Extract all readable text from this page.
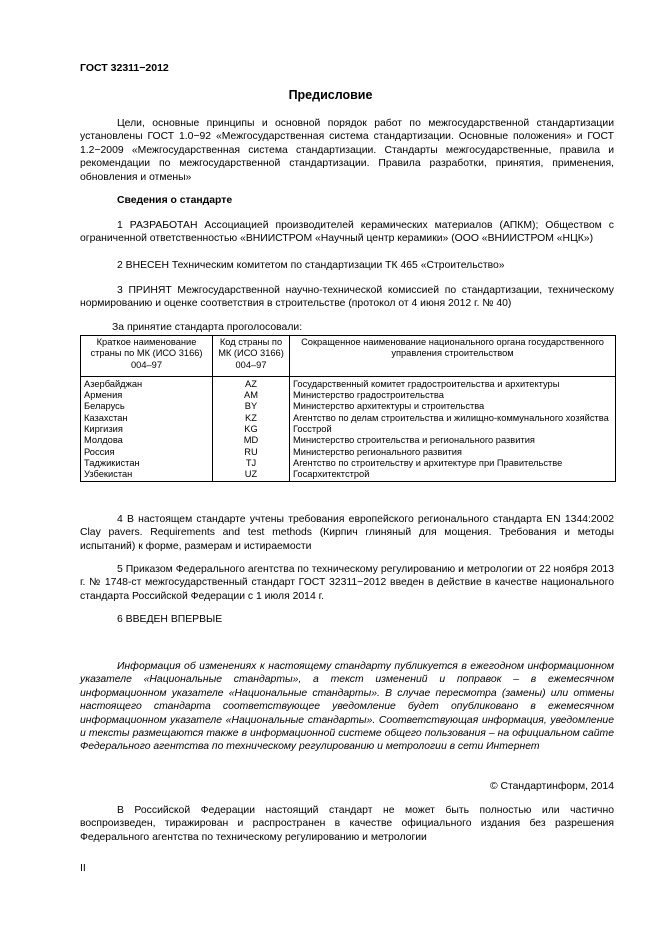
ГОСТ 32311−2012
Предисловие
Цели, основные принципы и основной порядок работ по межгосударственной стандартизации установлены ГОСТ 1.0−92 «Межгосударственная система стандартизации. Основные положения» и ГОСТ 1.2−2009 «Межгосударственная система стандартизации. Стандарты межгосударственные, правила и рекомендации по межгосударственной стандартизации. Правила разработки, принятия, применения, обновления и отмены»
Сведения о стандарте
1 РАЗРАБОТАН Ассоциацией производителей керамических материалов (АПКМ); Обществом с ограниченной ответственностью «ВНИИСТРОМ «Научный центр керамики» (ООО «ВНИИСТРОМ «НЦК»)
2 ВНЕСЕН Техническим комитетом по стандартизации ТК 465 «Строительство»
3 ПРИНЯТ Межгосударственной научно-технической комиссией по стандартизации, техническому нормированию и оценке соответствия в строительстве (протокол от 4 июня 2012 г. № 40)
За принятие стандарта проголосовали:
Краткое наименование страны по МК (ИСО 3166) 004–97	Код страны по МК (ИСО 3166) 004–97	Сокращенное наименование национального органа государственного управления строительством
Азербайджан	AZ	Государственный комитет градостроительства и архитектуры
Армения	AM	Министерство градостроительства
Беларусь	BY	Министерство архитектуры и строительства
Казахстан	KZ	Агентство по делам строительства и жилищно-коммунального хозяйства
Киргизия	KG	Госстрой
Молдова	MD	Министерство строительства и регионального развития
Россия	RU	Министерство регионального развития
Таджикистан	TJ	Агентство по строительству и архитектуре при Правительстве
Узбекистан	UZ	Госархитектстрой
4 В настоящем стандарте учтены требования европейского регионального стандарта EN 1344:2002 Clay pavers. Requirements and test methods (Кирпич глиняный для мощения. Требования и методы испытаний) к форме, размерам и истираемости
5 Приказом Федерального агентства по техническому регулированию и метрологии от 22 ноября 2013 г. № 1748-ст межгосударственный стандарт ГОСТ 32311−2012 введен в действие в качестве национального стандарта Российской Федерации с 1 июля 2014 г.
6 ВВЕДЕН ВПЕРВЫЕ
Информация об изменениях к настоящему стандарту публикуется в ежегодном информационном указателе «Национальные стандарты», а текст изменений и поправок – в ежемесячном информационном указателе «Национальные стандарты». В случае пересмотра (замены) или отмены настоящего стандарта соответствующее уведомление будет опубликовано в ежемесячном информационном указателе «Национальные стандарты». Соответствующая информация, уведомление и тексты размещаются также в информационной системе общего пользования – на официальном сайте Федерального агентства по техническому регулированию и метрологии в сети Интернет
© Стандартинформ, 2014
В Российской Федерации настоящий стандарт не может быть полностью или частично воспроизведен, тиражирован и распространен в качестве официального издания без разрешения Федерального агентства по техническому регулированию и метрологии
II
